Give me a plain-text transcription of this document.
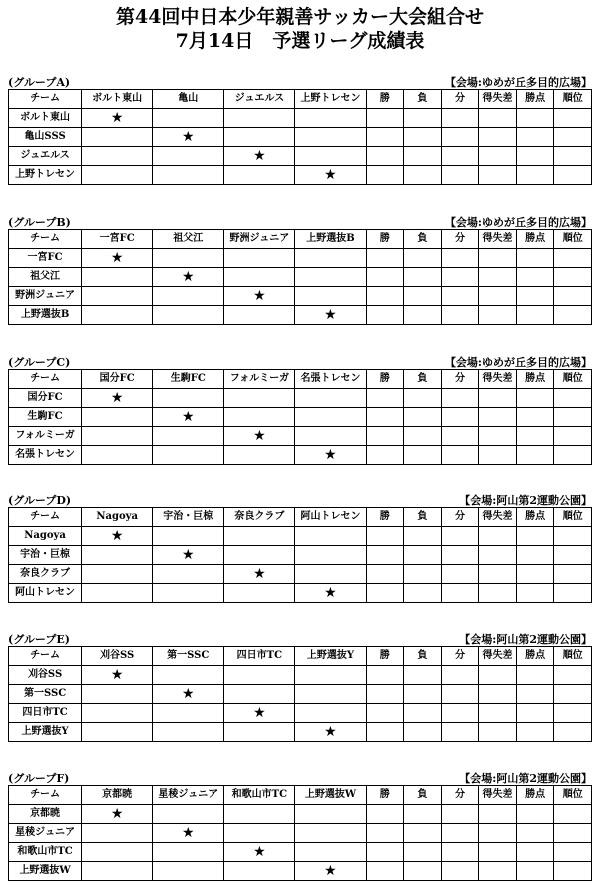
第44回中日本少年親善サッカー大会組合せ
7月14日　予選リーグ成績表
(グループA)	【会場:ゆめが丘多目的広場】
チーム	ボルト東山	亀山	ジュエルス	上野トレセン	勝	負	分	得失差	勝点	順位
ボルト東山	★									
亀山SSS		★								
ジュエルス			★							
上野トレセン				★						
(グループB)	【会場:ゆめが丘多目的広場】
チーム	一宮FC	祖父江	野洲ジュニア	上野選抜B	勝	負	分	得失差	勝点	順位
一宮FC	★									
祖父江		★								
野洲ジュニア			★							
上野選抜B				★						
(グループC)	【会場:ゆめが丘多目的広場】
チーム	国分FC	生駒FC	フォルミーガ	名張トレセン	勝	負	分	得失差	勝点	順位
国分FC	★									
生駒FC		★								
フォルミーガ			★							
名張トレセン				★						
(グループD)	【会場:阿山第2運動公園】
チーム	Nagoya	宇治・巨椋	奈良クラブ	阿山トレセン	勝	負	分	得失差	勝点	順位
Nagoya	★									
宇治・巨椋		★								
奈良クラブ			★							
阿山トレセン				★						
(グループE)	【会場:阿山第2運動公園】
チーム	刈谷SS	第一SSC	四日市TC	上野選抜Y	勝	負	分	得失差	勝点	順位
刈谷SS	★									
第一SSC		★								
四日市TC			★							
上野選抜Y				★						
(グループF)	【会場:阿山第2運動公園】
チーム	京都暁	星稜ジュニア	和歌山市TC	上野選抜W	勝	負	分	得失差	勝点	順位
京都暁	★									
星稜ジュニア		★								
和歌山市TC			★							
上野選抜W				★						
